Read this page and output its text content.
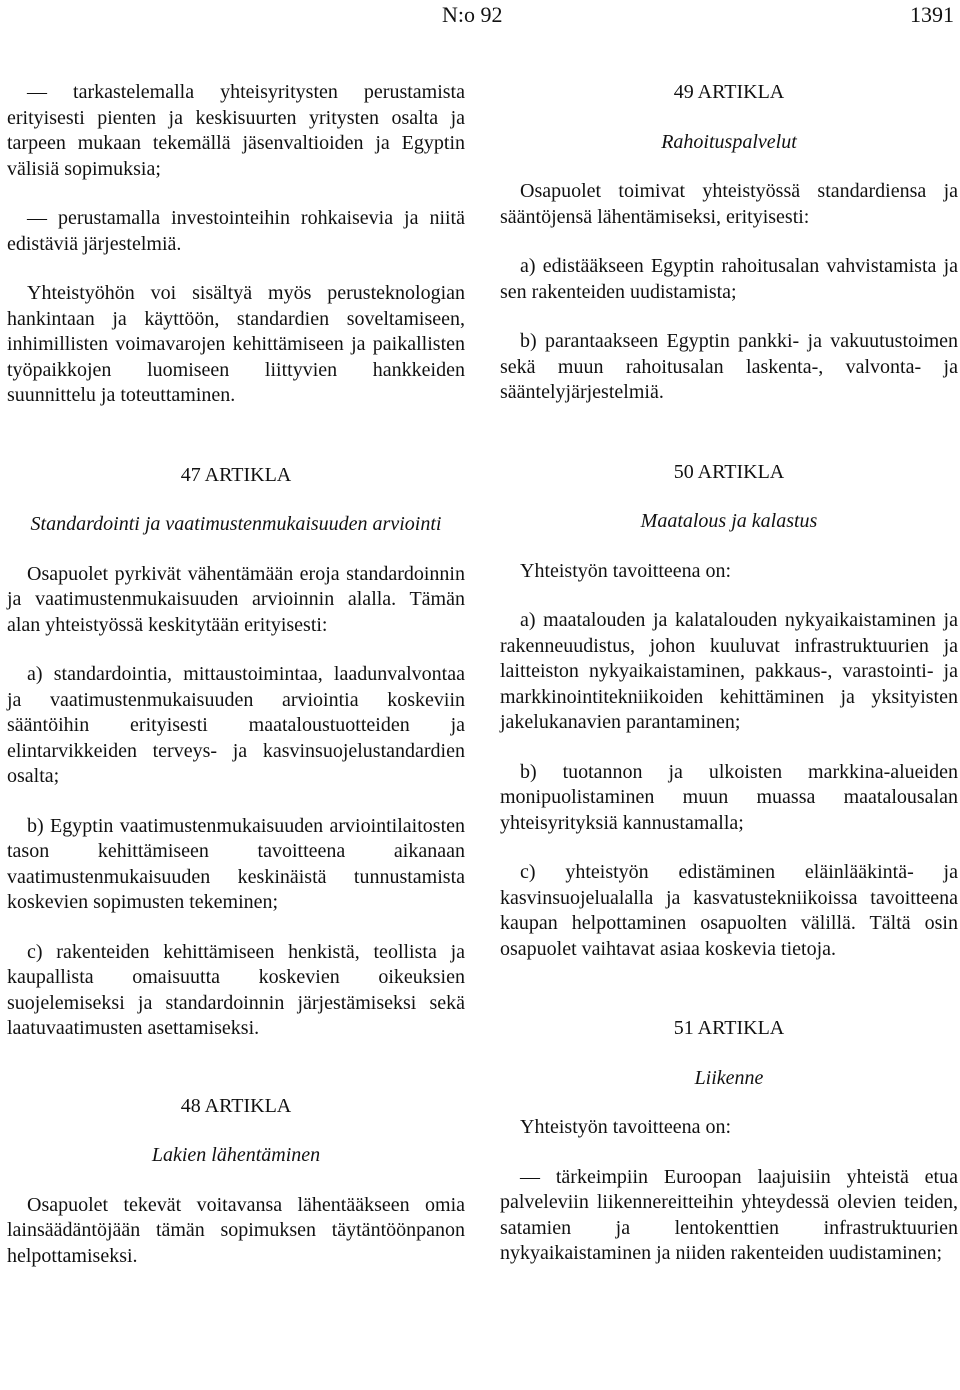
N:o 92	1391

— tarkastelemalla yhteisyritysten perustamista erityisesti pienten ja keskisuurten yritysten osalta ja tarpeen mukaan tekemällä jäsenvaltioiden ja Egyptin välisiä sopimuksia;

— perustamalla investointeihin rohkaisevia ja niitä edistäviä järjestelmiä.

Yhteistyöhön voi sisältyä myös perusteknologian hankintaan ja käyttöön, standardien soveltamiseen, inhimillisten voimavarojen kehittämiseen ja paikallisten työpaikkojen luomiseen liittyvien hankkeiden suunnittelu ja toteuttaminen.

47 ARTIKLA

Standardointi ja vaatimustenmukaisuuden arviointi

Osapuolet pyrkivät vähentämään eroja standardoinnin ja vaatimustenmukaisuuden arvioinnin alalla. Tämän alan yhteistyössä keskitytään erityisesti:

a) standardointia, mittaustoimintaa, laadunvalvontaa ja vaatimustenmukaisuuden arviointia koskeviin sääntöihin erityisesti maataloustuotteiden ja elintarvikkeiden terveys- ja kasvinsuojelustandardien osalta;

b) Egyptin vaatimustenmukaisuuden arviointilaitosten tason kehittämiseen tavoitteena aikanaan vaatimustenmukaisuuden keskinäistä tunnustamista koskevien sopimusten tekeminen;

c) rakenteiden kehittämiseen henkistä, teollista ja kaupallista omaisuutta koskevien oikeuksien suojelemiseksi ja standardoinnin järjestämiseksi sekä laatuvaatimusten asettamiseksi.

48 ARTIKLA

Lakien lähentäminen

Osapuolet tekevät voitavansa lähentääkseen omia lainsäädäntöjään tämän sopimuksen täytäntöönpanon helpottamiseksi.

49 ARTIKLA

Rahoituspalvelut

Osapuolet toimivat yhteistyössä standardiensa ja sääntöjensä lähentämiseksi, erityisesti:

a) edistääkseen Egyptin rahoitusalan vahvistamista ja sen rakenteiden uudistamista;

b) parantaakseen Egyptin pankki- ja vakuutustoimen sekä muun rahoitusalan laskenta-, valvonta- ja sääntelyjärjestelmiä.

50 ARTIKLA

Maatalous ja kalastus

Yhteistyön tavoitteena on:

a) maatalouden ja kalatalouden nykyaikaistaminen ja rakenneuudistus, johon kuuluvat infrastruktuurien ja laitteiston nykyaikaistaminen, pakkaus-, varastointi- ja markkinointitekniikoiden kehittäminen ja yksityisten jakelukanavien parantaminen;

b) tuotannon ja ulkoisten markkina-alueiden monipuolistaminen muun muassa maatalousalan yhteisyrityksiä kannustamalla;

c) yhteistyön edistäminen eläinlääkintä- ja kasvinsuojelualalla ja kasvatustekniikoissa tavoitteena kaupan helpottaminen osapuolten välillä. Tältä osin osapuolet vaihtavat asiaa koskevia tietoja.

51 ARTIKLA

Liikenne

Yhteistyön tavoitteena on:

— tärkeimpiin Euroopan laajuisiin yhteistä etua palveleviin liikennereitteihin yhteydessä olevien teiden, satamien ja lentokenttien infrastruktuurien nykyaikaistaminen ja niiden rakenteiden uudistaminen;
